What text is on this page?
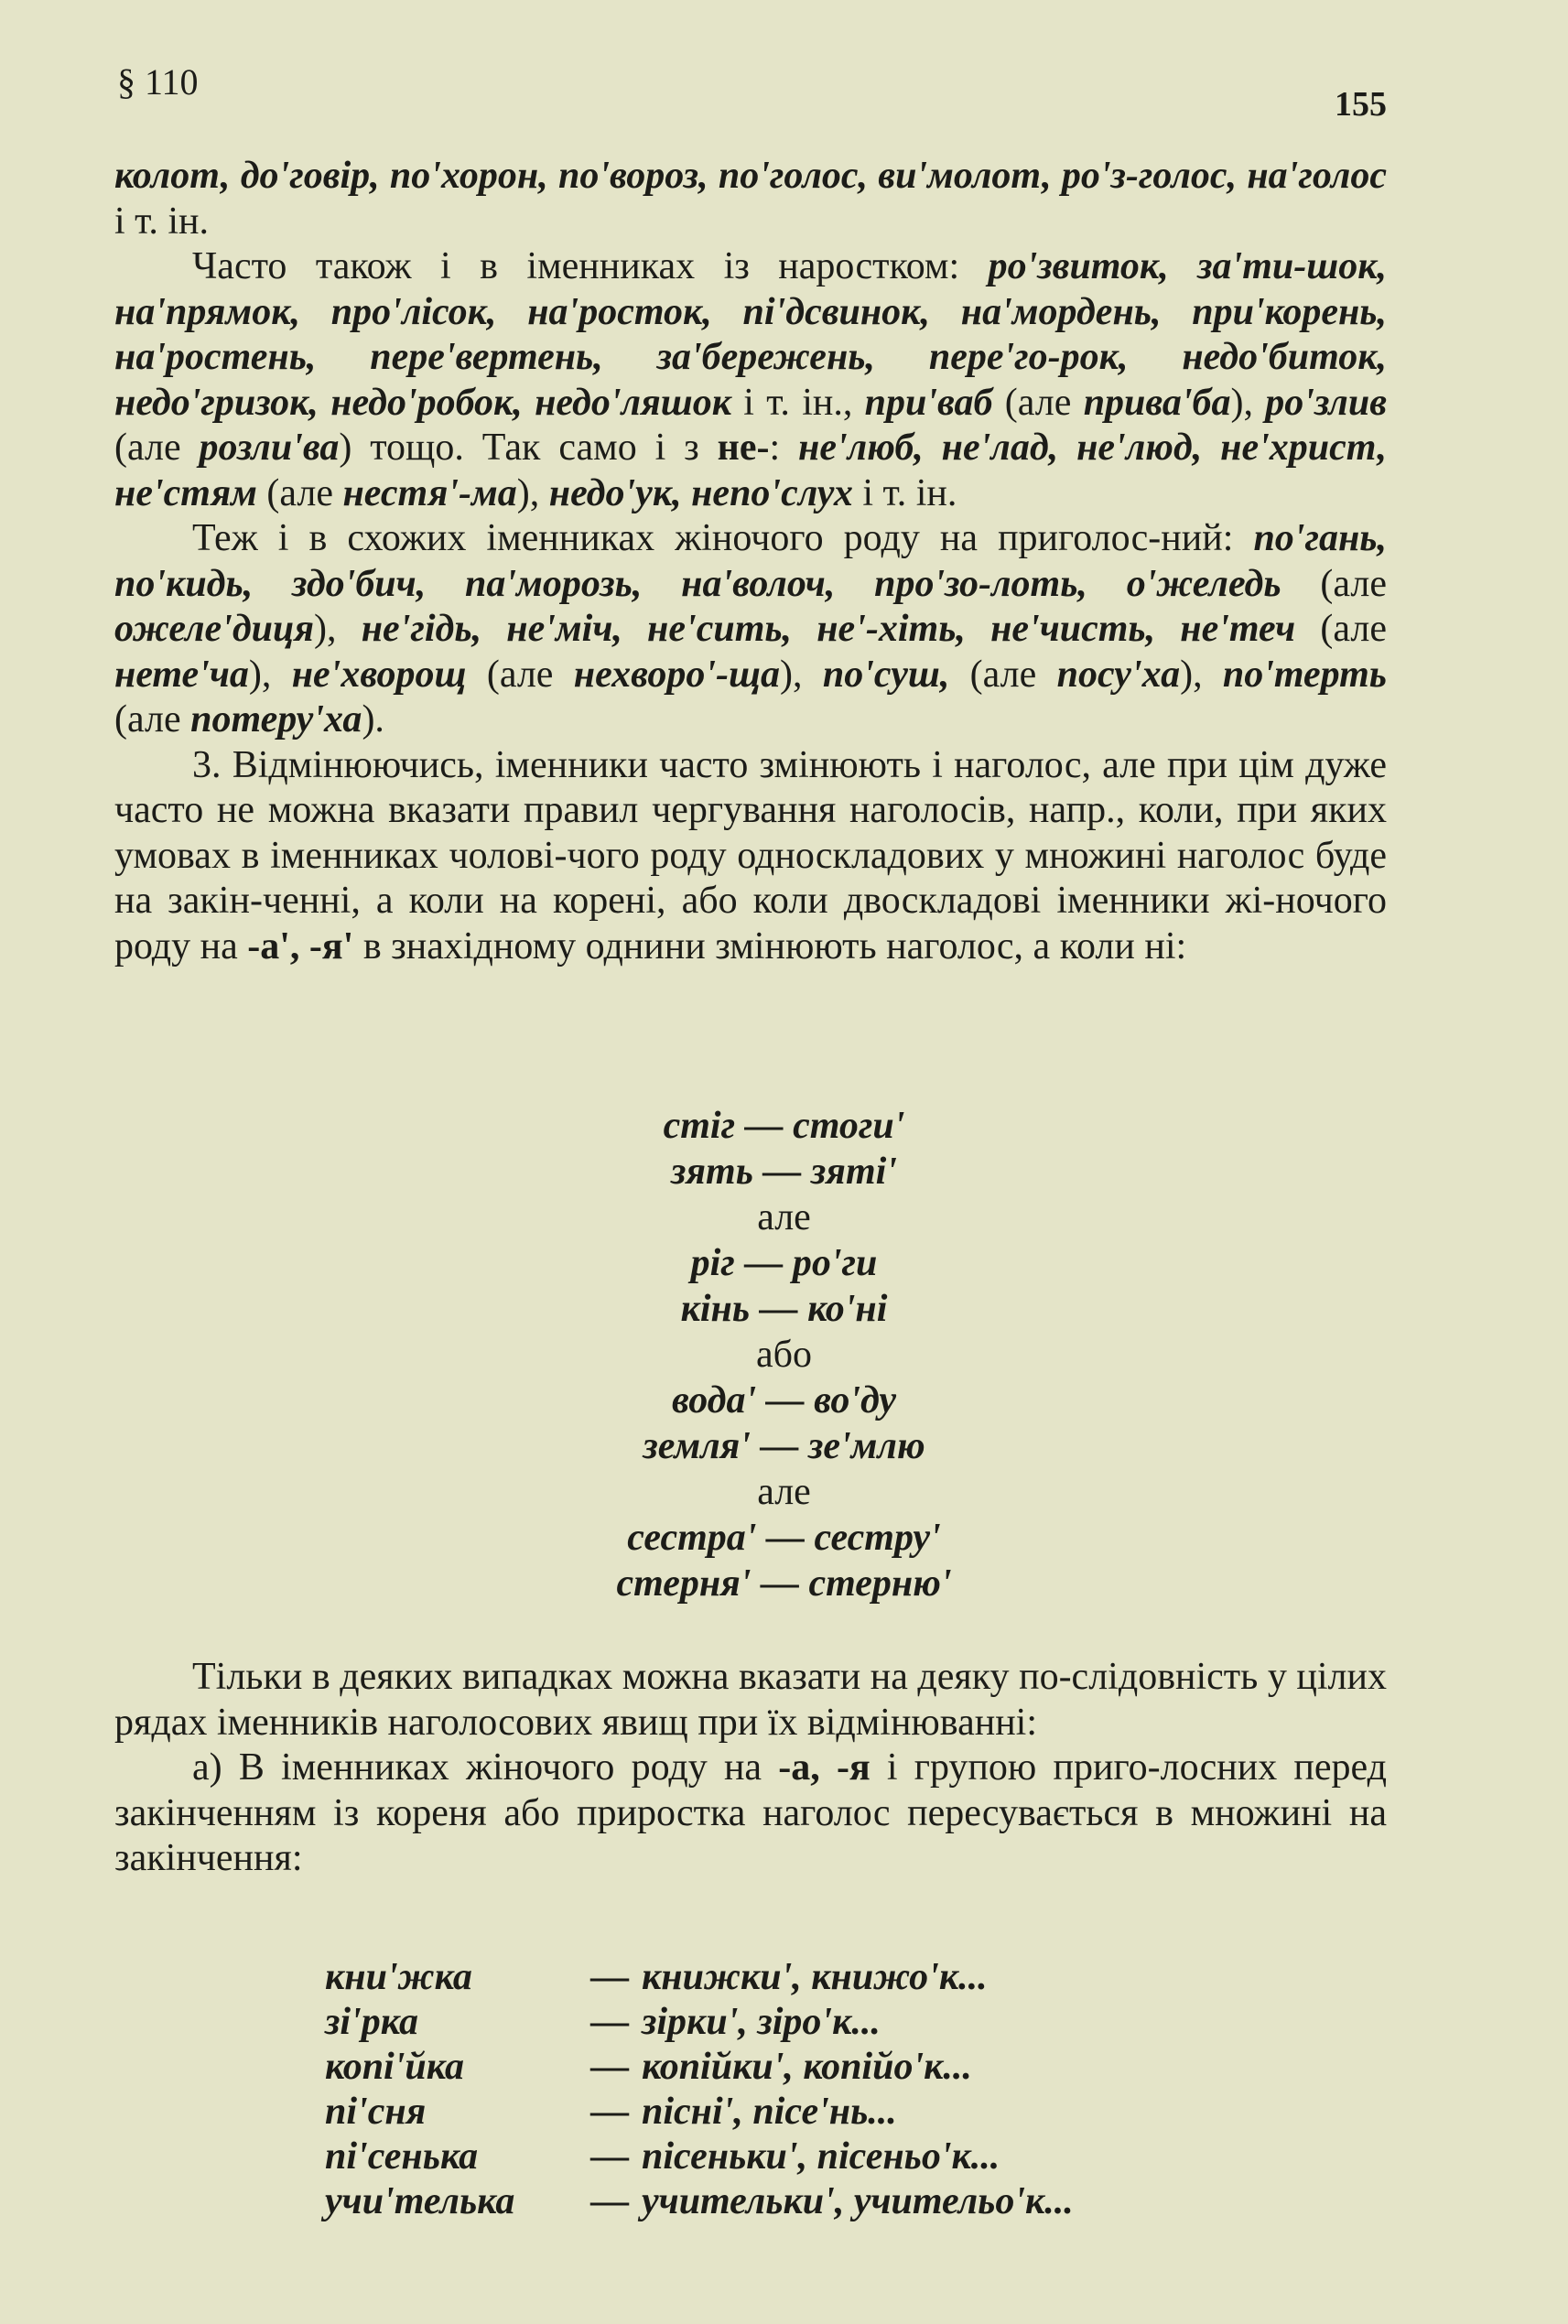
§ 110
155

колот, до'говір, по'хорон, по'вороз, по'голос, ви'молот, ро'з-голос, на'голос і т. ін.

Часто також і в іменниках із наростком: ро'звиток, за'ти-шок, на'прямок, про'лісок, на'росток, пі'дсвинок, на'мордень, при'корень, на'ростень, пере'вертень, за'бережень, пере'го-рок, недо'биток, недо'гризок, недо'робок, недо'ляшок і т. ін., при'ваб (але прива'ба), ро'злив (але розли'ва) тощо. Так само і з не-: не'люб, не'лад, не'люд, не'христ, не'стям (але нестя'-ма), недо'ук, непо'слух і т. ін.

Теж і в схожих іменниках жіночого роду на приголос-ний: по'гань, по'кидь, здо'бич, па'морозь, на'волоч, про'зо-лоть, о'желедь (але ожеле'диця), не'гідь, не'міч, не'сить, не'-хіть, не'чисть, не'теч (але нете'ча), не'хворощ (але нехворо'-ща), по'суш, (але посу'ха), по'терть (але потеру'ха).

3. Відмінюючись, іменники часто змінюють і наголос, але при цім дуже часто не можна вказати правил чергування наголосів, напр., коли, при яких умовах в іменниках чолові-чого роду односкладових у множині наголос буде на закін-ченні, а коли на корені, або коли двоскладові іменники жі-ночого роду на -а', -я' в знахідному однини змінюють наголос, а коли ні:

стіг — стоги'
зять — зяті'
але
ріг — ро'ги
кінь — ко'ні
або
вода' — во'ду
земля' — зе'млю
але
сестра' — сестру'
стерня' — стерню'

Тільки в деяких випадках можна вказати на деяку по-слідовність у цілих рядах іменників наголосових явищ при їх відмінюванні:

а) В іменниках жіночого роду на -а, -я і групою приго-лосних перед закінченням із кореня або приростка наголос пересувається в множині на закінчення:

кни'жка	— книжки', книжо'к...
зі'рка	— зірки', зіро'к...
копі'йка	— копійки', копійо'к...
пі'сня	— пісні', пісе'нь...
пі'сенька	— пісеньки', пісеньо'к...
учи'телька	— учительки', учительо'к...
